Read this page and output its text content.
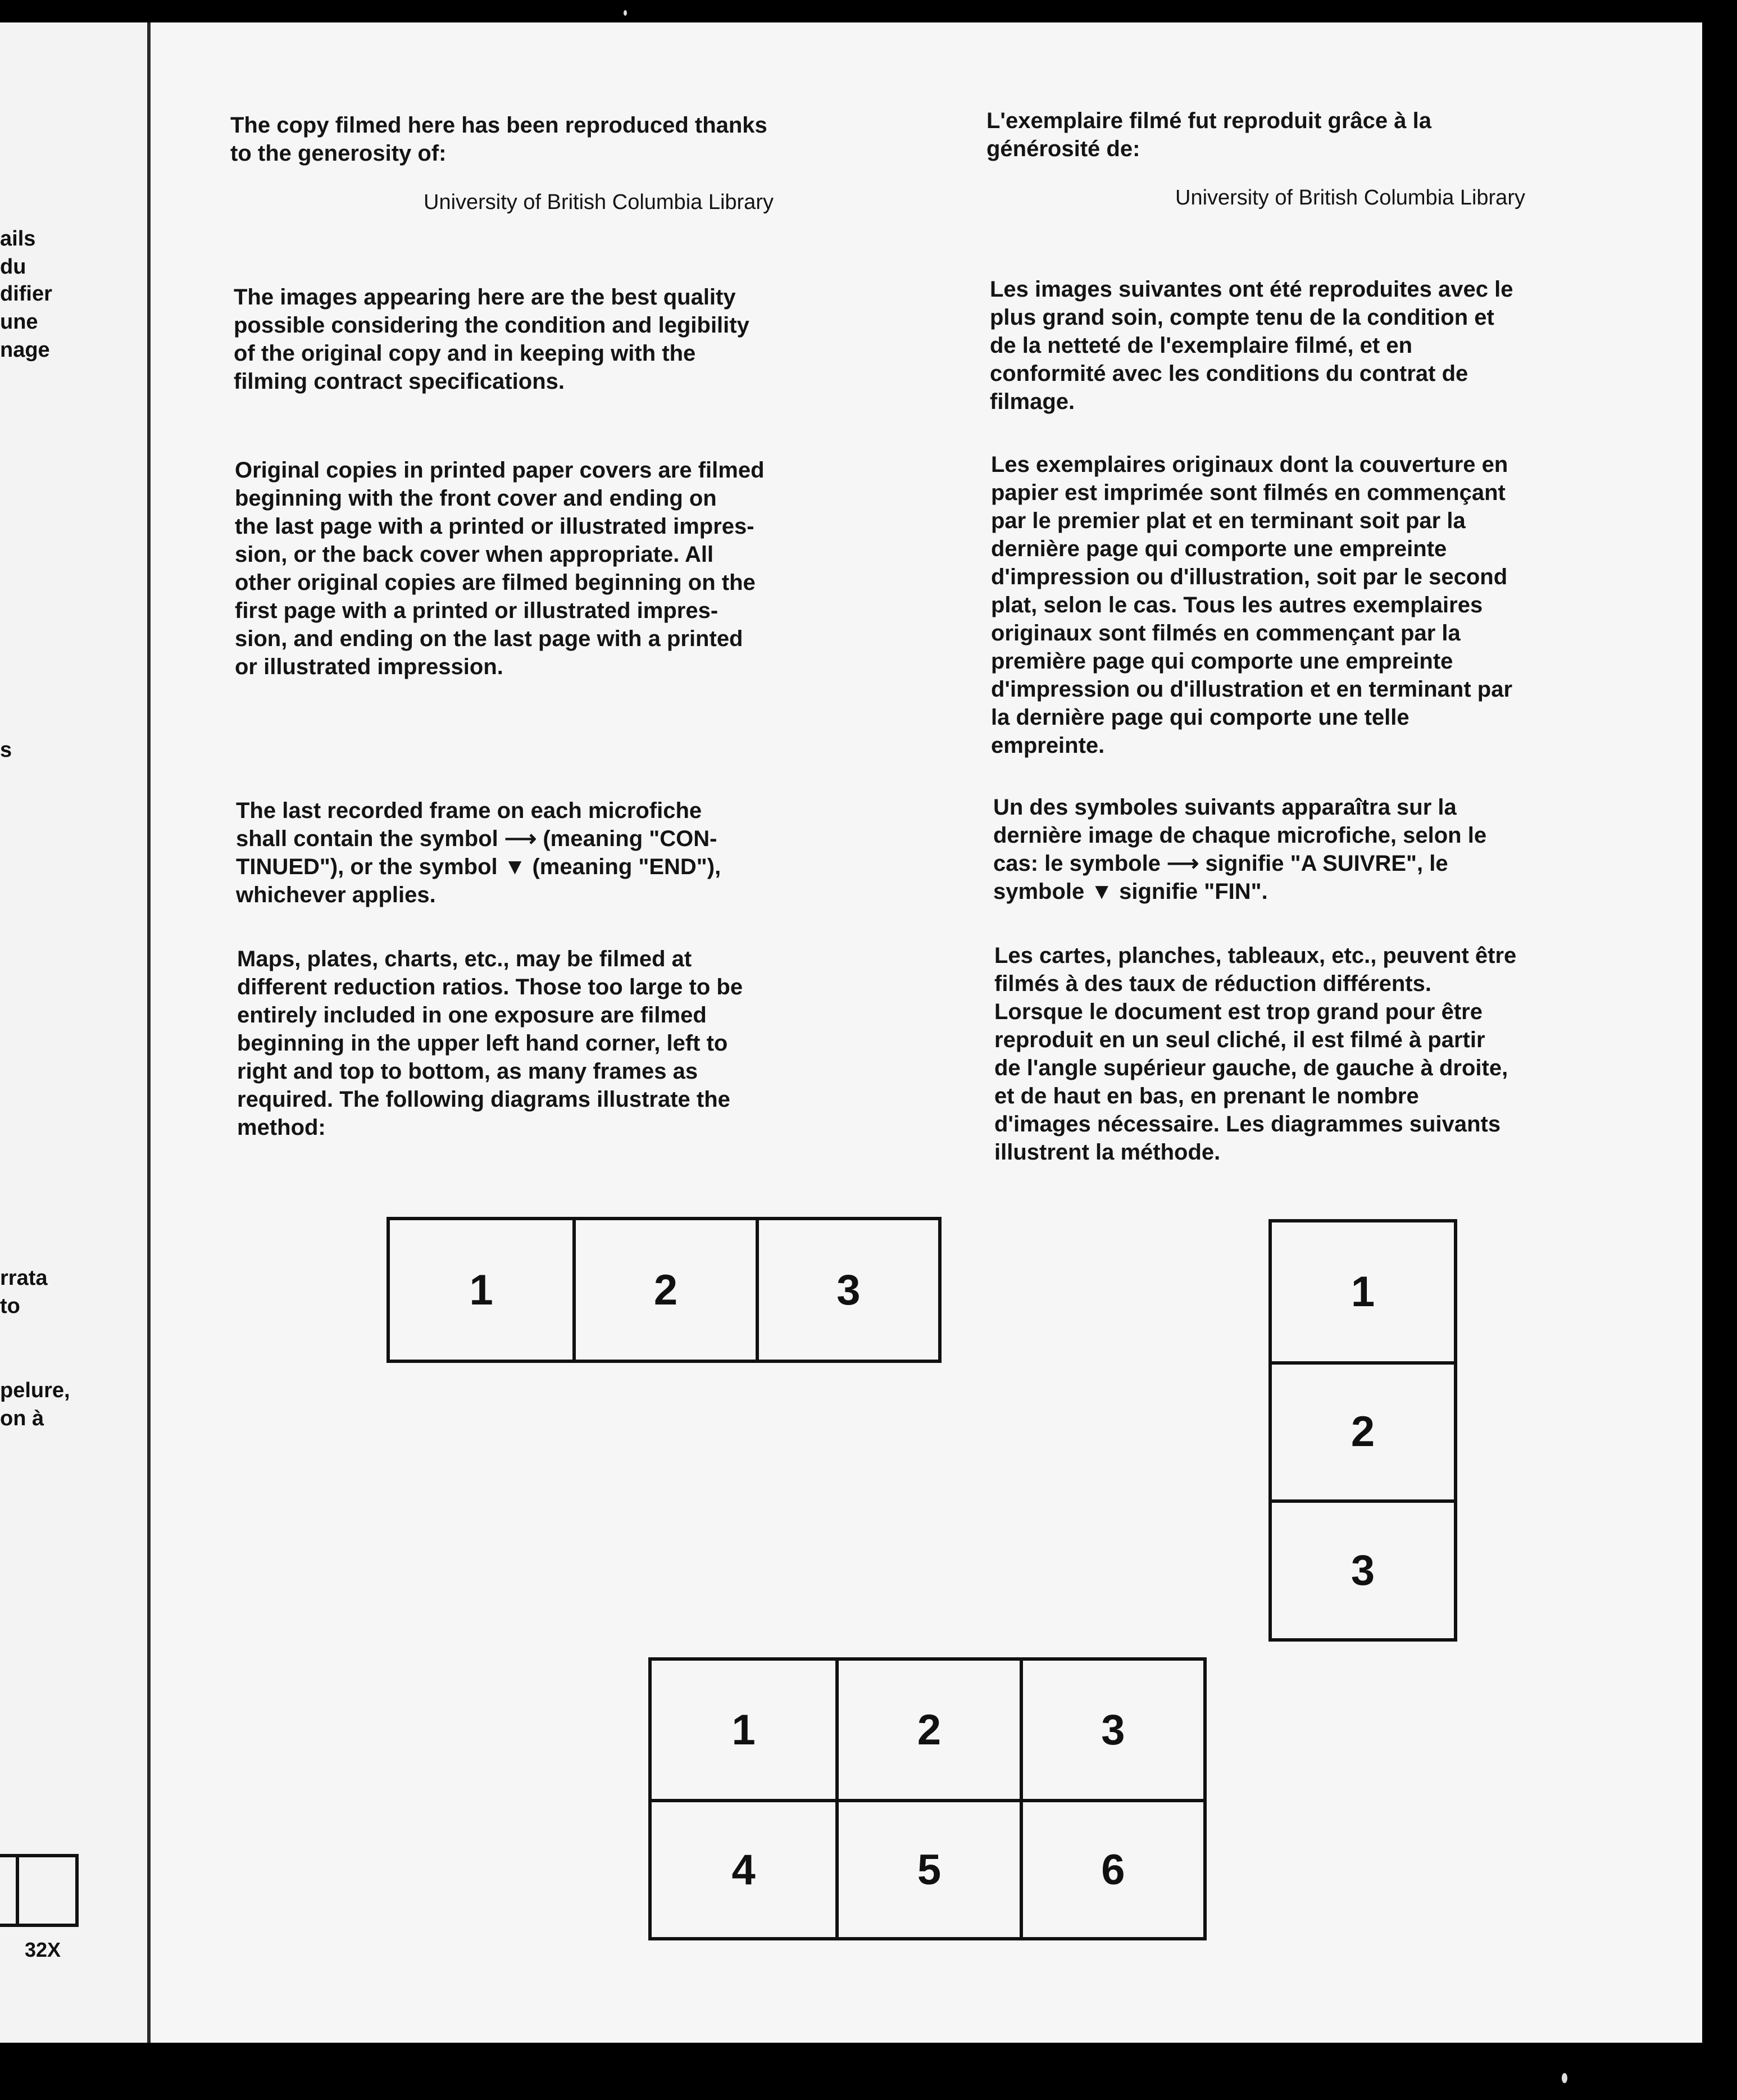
ails
du
difier
une
nage
s
rrata
to
pelure,
on à
32X

The copy filmed here has been reproduced thanks
to the generosity of:

University of British Columbia Library

The images appearing here are the best quality
possible considering the condition and legibility
of the original copy and in keeping with the
filming contract specifications.

Original copies in printed paper covers are filmed
beginning with the front cover and ending on
the last page with a printed or illustrated impres-
sion, or the back cover when appropriate. All
other original copies are filmed beginning on the
first page with a printed or illustrated impres-
sion, and ending on the last page with a printed
or illustrated impression.

The last recorded frame on each microfiche
shall contain the symbol ⟶ (meaning "CON-
TINUED"), or the symbol ▼ (meaning "END"),
whichever applies.

Maps, plates, charts, etc., may be filmed at
different reduction ratios. Those too large to be
entirely included in one exposure are filmed
beginning in the upper left hand corner, left to
right and top to bottom, as many frames as
required. The following diagrams illustrate the
method:

L'exemplaire filmé fut reproduit grâce à la
générosité de:

University of British Columbia Library

Les images suivantes ont été reproduites avec le
plus grand soin, compte tenu de la condition et
de la netteté de l'exemplaire filmé, et en
conformité avec les conditions du contrat de
filmage.

Les exemplaires originaux dont la couverture en
papier est imprimée sont filmés en commençant
par le premier plat et en terminant soit par la
dernière page qui comporte une empreinte
d'impression ou d'illustration, soit par le second
plat, selon le cas. Tous les autres exemplaires
originaux sont filmés en commençant par la
première page qui comporte une empreinte
d'impression ou d'illustration et en terminant par
la dernière page qui comporte une telle
empreinte.

Un des symboles suivants apparaîtra sur la
dernière image de chaque microfiche, selon le
cas: le symbole ⟶ signifie "A SUIVRE", le
symbole ▼ signifie "FIN".

Les cartes, planches, tableaux, etc., peuvent être
filmés à des taux de réduction différents.
Lorsque le document est trop grand pour être
reproduit en un seul cliché, il est filmé à partir
de l'angle supérieur gauche, de gauche à droite,
et de haut en bas, en prenant le nombre
d'images nécessaire. Les diagrammes suivants
illustrent la méthode.

1	2	3	1
2
3
1	2	3
4	5	6
